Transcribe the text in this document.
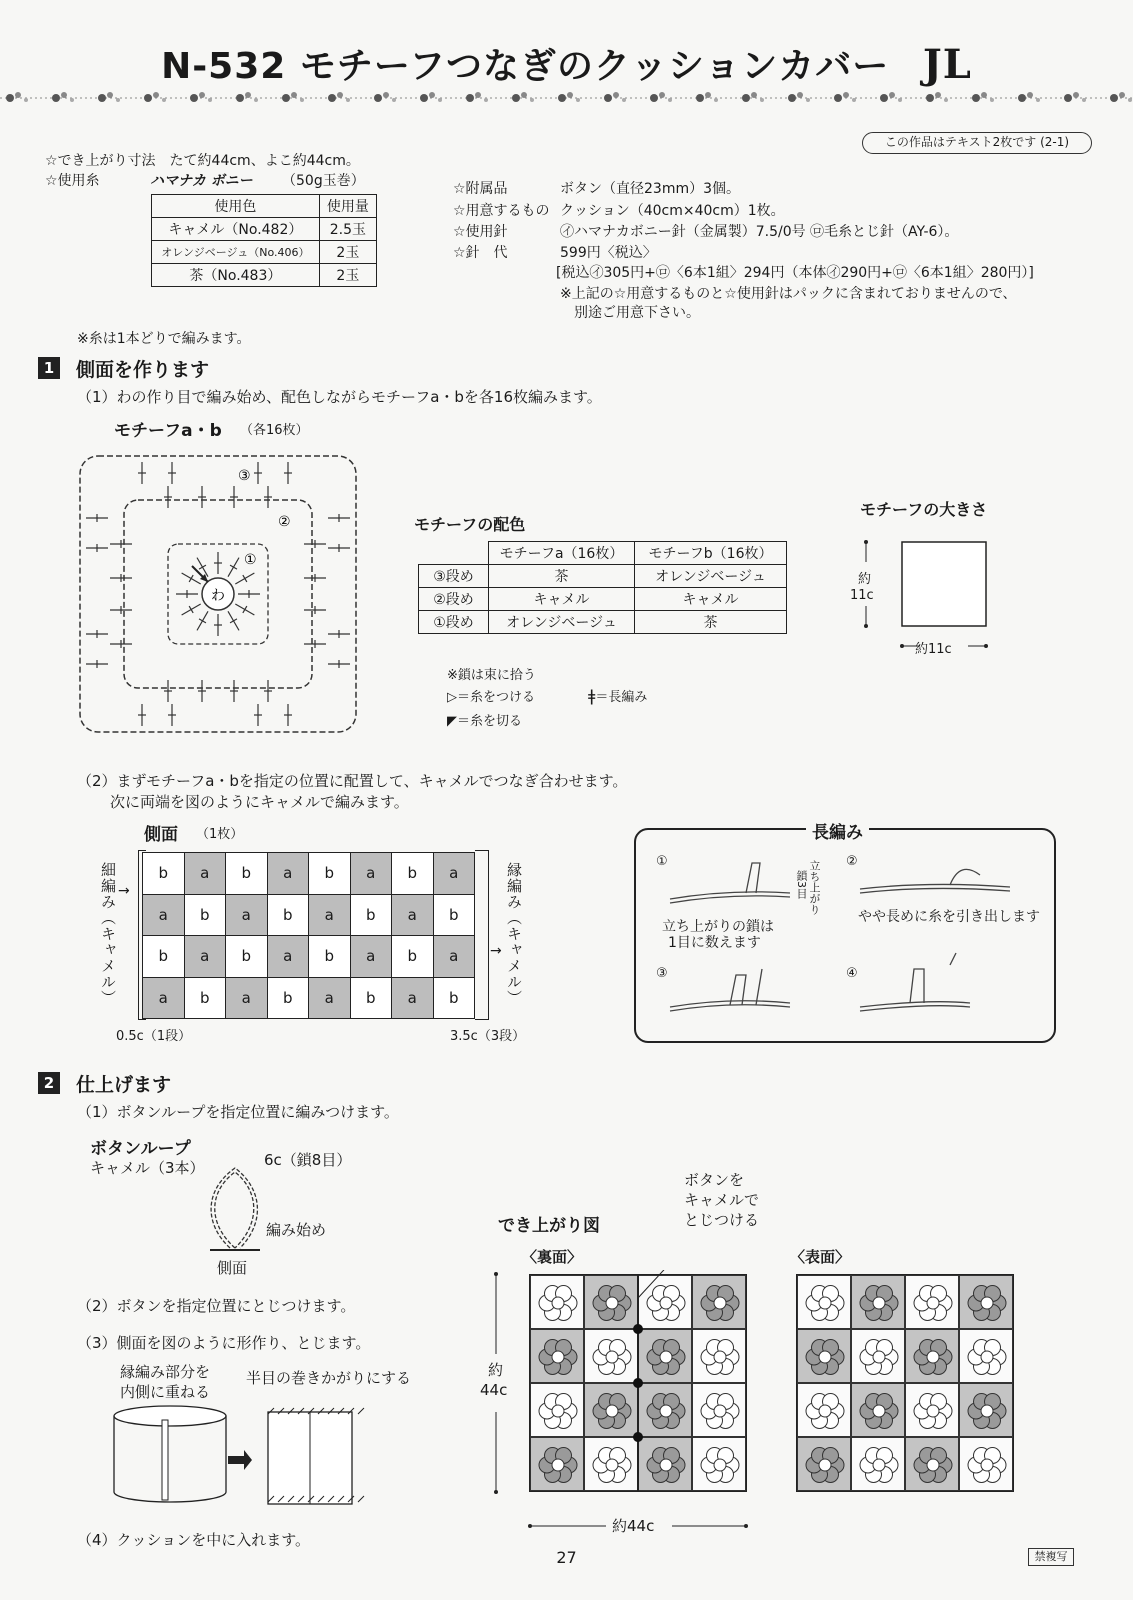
N-532 モチーフつなぎのクッションカバー JL
この作品はテキスト2枚です (2-1)
☆でき上がり寸法　たて約44cm、よこ約44cm。
☆使用糸	ハマナカ ボニー （50g玉巻）
使用色	使用量
キャメル（No.482）	2.5玉
オレンジベージュ（No.406）	2玉
茶（No.483）	2玉
☆附属品	ボタン（直径23mm）3個。
☆用意するもの クッション（40cm×40cm）1枚。
☆使用針	㋑ハマナカボニー針（金属製）7.5/0号 ㋺毛糸とじ針（AY-6）。
☆針　代	599円〈税込〉
[税込㋑305円+㋺〈6本1組〉294円（本体㋑290円+㋺〈6本1組〉280円）]
※上記の☆用意するものと☆使用針はパックに含まれておりませんので、
別途ご用意下さい。
※糸は1本どりで編みます。
1	側面を作ります
（1）わの作り目で編み始め、配色しながらモチーフa・bを各16枚編みます。
モチーフa・b （各16枚）
わ
①
②
③
モチーフの配色
	モチーフa（16枚）	モチーフb（16枚）
③段め	茶	オレンジベージュ
②段め	キャメル	キャメル
①段め	オレンジベージュ	茶
※鎖は束に拾う
▷＝糸をつける
◤＝糸を切る
ǂ＝長編み
モチーフの大きさ
約
11c
約11c
（2）まずモチーフa・bを指定の位置に配置して、キャメルでつなぎ合わせます。
次に両端を図のようにキャメルで編みます。
側面 （1枚）
細編み（キャメル）	縁編み（キャメル）
b	a	b	a	b	a	b	a
a	b	a	b	a	b	a	b
b	a	b	a	b	a	b	a
a	b	a	b	a	b	a	b
→
→
0.5c（1段）	3.5c（3段）
長編み
①	②
③	④
立ち上がり
鎖3目
立ち上がりの鎖は
1目に数えます
やや長めに糸を引き出します
2	仕上げます
（1）ボタンループを指定位置に編みつけます。
ボタンループ
キャメル（3本）	6c（鎖8目）
編み始め
側面
（2）ボタンを指定位置にとじつけます。
（3）側面を図のように形作り、とじます。
縁編み部分を
内側に重ねる
半目の巻きかがりにする
（4）クッションを中に入れます。
でき上がり図
ボタンを
キャメルで
とじつける
〈裏面〉	〈表面〉
約
44c
約44c
27	禁複写
